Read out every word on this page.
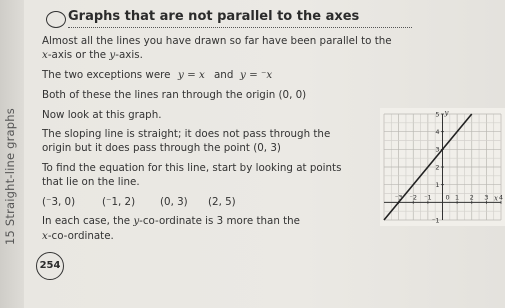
15 Straight-line graphs
Graphs that are not parallel to the axes
Almost all the lines you have drawn so far have been parallel to the
x-axis or the y-axis.
The two exceptions were y = x and y = ⁻x
Both of these the lines ran through the origin (0, 0)
Now look at this graph.
The sloping line is straight; it does not pass through the
origin but it does pass through the point (0, 3)
To find the equation for this line, start by looking at points
that lie on the line.
(⁻3, 0)	(⁻1, 2) (0, 3) (2, 5)
In each case, the y-co-ordinate is 3 more than the
x-co-ordinate.
254
y
x
⁻3 ⁻2 ⁻1	1 2 3 4
1
2
3
4
5
⁻1
0
